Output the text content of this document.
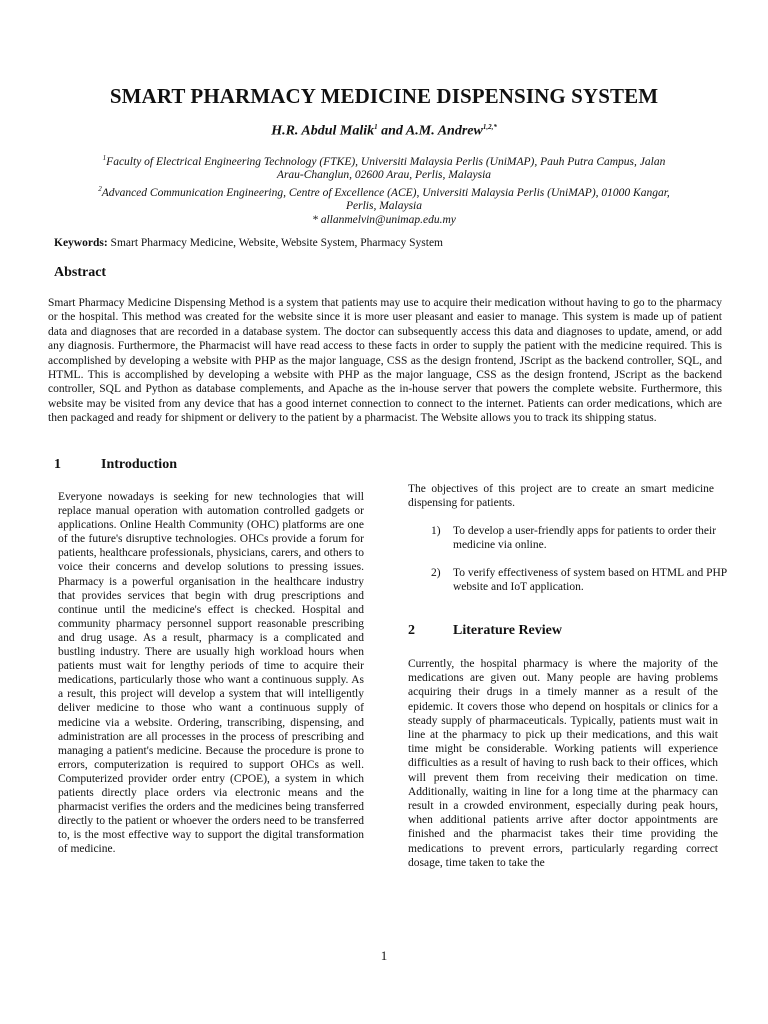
SMART PHARMACY MEDICINE DISPENSING SYSTEM
H.R. Abdul Malik$^1$ and A.M. Andrew$^{1,2,*}$
$^1$Faculty of Electrical Engineering Technology (FTKE), Universiti Malaysia Perlis (UniMAP), Pauh Putra Campus, Jalan Arau-Changlun, 02600 Arau, Perlis, Malaysia
$^2$Advanced Communication Engineering, Centre of Excellence (ACE), Universiti Malaysia Perlis (UniMAP), 01000 Kangar, Perlis, Malaysia
* allanmelvin@unimap.edu.my
Keywords: Smart Pharmacy Medicine, Website, Website System, Pharmacy System
Abstract
Smart Pharmacy Medicine Dispensing Method is a system that patients may use to acquire their medication without having to go to the pharmacy or the hospital. This method was created for the website since it is more user pleasant and easier to manage. This system is made up of patient data and diagnoses that are recorded in a database system. The doctor can subsequently access this data and diagnoses to update, amend, or add any diagnosis. Furthermore, the Pharmacist will have read access to these facts in order to supply the patient with the medicine required. This is accomplished by developing a website with PHP as the major language, CSS as the design frontend, JScript as the backend controller, SQL, and HTML. This is accomplished by developing a website with PHP as the major language, CSS as the design frontend, JScript as the backend controller, SQL and Python as database complements, and Apache as the in-house server that powers the complete website. Furthermore, this website may be visited from any device that has a good internet connection to connect to the internet. Patients can order medications, which are then packaged and ready for shipment or delivery to the patient by a pharmacist. The Website allows you to track its shipping status.
1	Introduction
Everyone nowadays is seeking for new technologies that will replace manual operation with automation controlled gadgets or applications. Online Health Community (OHC) platforms are one of the future's disruptive technologies. OHCs provide a forum for patients, healthcare professionals, physicians, carers, and others to voice their concerns and develop solutions to pressing issues. Pharmacy is a powerful organisation in the healthcare industry that provides services that begin with drug prescriptions and continue until the medicine's effect is checked. Hospital and community pharmacy personnel support reasonable prescribing and drug usage. As a result, pharmacy is a complicated and bustling industry. There are usually high workload hours when patients must wait for lengthy periods of time to acquire their medications, particularly those who want a continuous supply. As a result, this project will develop a system that will intelligently deliver medicine to those who want a continuous supply of medicine via a website. Ordering, transcribing, dispensing, and administration are all processes in the process of prescribing and managing a patient's medicine. Because the procedure is prone to errors, computerization is required to support OHCs as well. Computerized provider order entry (CPOE), a system in which patients directly place orders via electronic means and the pharmacist verifies the orders and the medicines being transferred directly to the patient or whoever the orders need to be transferred to, is the most effective way to support the digital transformation of medicine.
The objectives of this project are to create an smart medicine dispensing for patients.
1) To develop a user-friendly apps for patients to order their medicine via online.
2) To verify effectiveness of system based on HTML and PHP website and IoT application.
2	Literature Review
Currently, the hospital pharmacy is where the majority of the medications are given out. Many people are having problems acquiring their drugs in a timely manner as a result of the epidemic. It covers those who depend on hospitals or clinics for a steady supply of pharmaceuticals. Typically, patients must wait in line at the pharmacy to pick up their medications, and this wait time might be considerable. Working patients will experience difficulties as a result of having to rush back to their offices, which will prevent them from receiving their medication on time. Additionally, waiting in line for a long time at the pharmacy can result in a crowded environment, especially during peak hours, when additional patients arrive after doctor appointments are finished and the pharmacist takes their time providing the medications to prevent errors, particularly regarding correct dosage, time taken to take the
1
